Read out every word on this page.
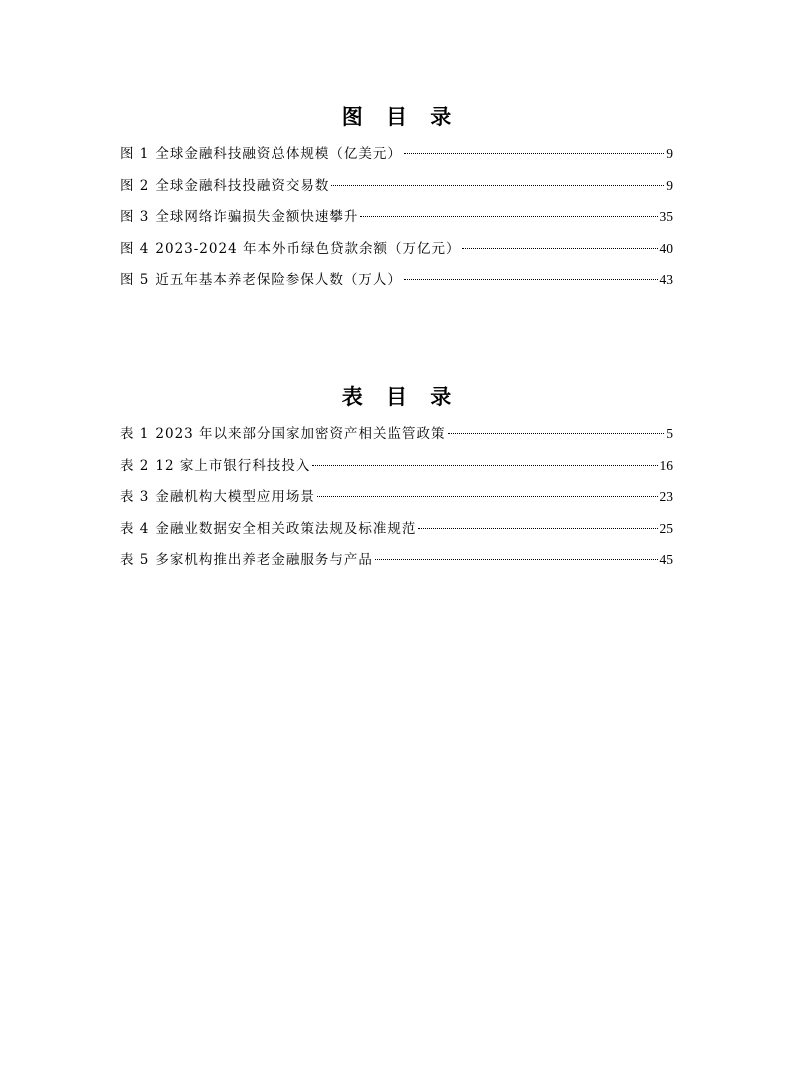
图 目 录
图 1 全球金融科技融资总体规模（亿美元）	9
图 2 全球金融科技投融资交易数	9
图 3 全球网络诈骗损失金额快速攀升	35
图 4 2023-2024 年本外币绿色贷款余额（万亿元）	40
图 5 近五年基本养老保险参保人数（万人）	43
表 目 录
表 1 2023 年以来部分国家加密资产相关监管政策	5
表 2 12 家上市银行科技投入	16
表 3 金融机构大模型应用场景	23
表 4 金融业数据安全相关政策法规及标准规范	25
表 5 多家机构推出养老金融服务与产品	45
